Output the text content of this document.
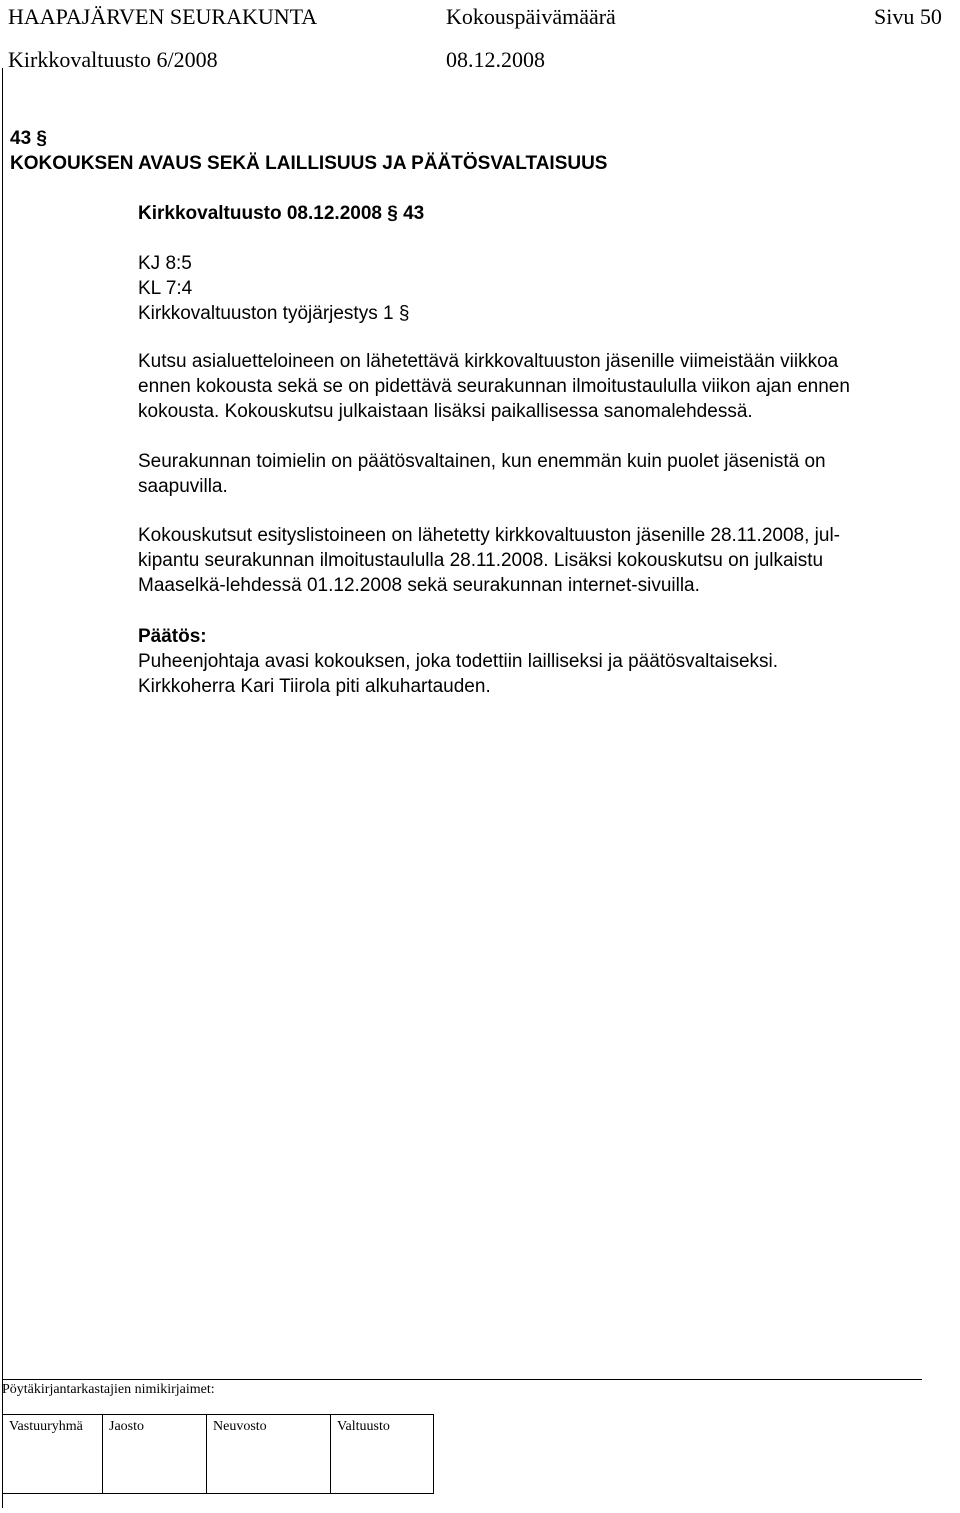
HAAPAJÄRVEN SEURAKUNTA	Kokouspäivämäärä	Sivu 50
Kirkkovaltuusto 6/2008	08.12.2008
43 §
KOKOUKSEN AVAUS SEKÄ LAILLISUUS JA PÄÄTÖSVALTAISUUS
Kirkkovaltuusto 08.12.2008 § 43

KJ 8:5

KL 7:4

Kirkkovaltuuston työjärjestys 1 §

Kutsu asialuetteloineen on lähetettävä kirkkovaltuuston jäsenille viimeistään viikkoa

ennen kokousta sekä se on pidettävä seurakunnan ilmoitustaululla viikon ajan ennen

kokousta. Kokouskutsu julkaistaan lisäksi paikallisessa sanomalehdessä.

Seurakunnan toimielin on päätösvaltainen, kun enemmän kuin puolet jäsenistä on

saapuvilla.

Kokouskutsut esityslistoineen on lähetetty kirkkovaltuuston jäsenille 28.11.2008, jul-

kipantu seurakunnan ilmoitustaululla 28.11.2008. Lisäksi kokouskutsu on julkaistu

Maaselkä-lehdessä 01.12.2008 sekä seurakunnan internet-sivuilla.

Päätös:

Puheenjohtaja avasi kokouksen, joka todettiin lailliseksi ja päätösvaltaiseksi.

Kirkkoherra Kari Tiirola piti alkuhartauden.

Pöytäkirjantarkastajien nimikirjaimet:
Vastuuryhmä	Jaosto	Neuvosto	Valtuusto
